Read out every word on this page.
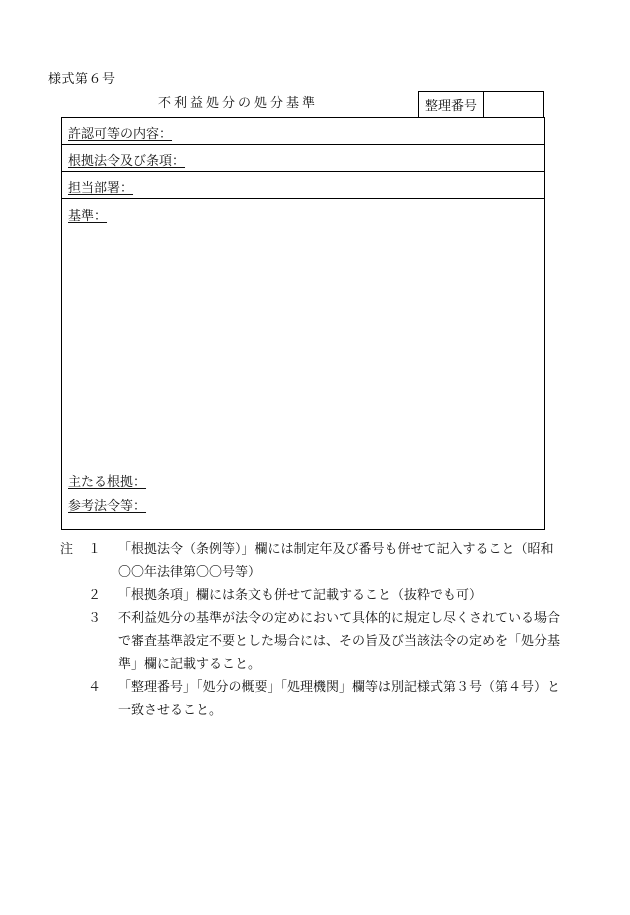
様式第６号
不利益処分の処分基準	整理番号
許認可等の内容：
根拠法令及び条項：
担当部署：
基準：
主たる根拠：
参考法令等：
注 １ 「根拠法令（条例等）」欄には制定年及び番号も併せて記入すること（昭和〇〇年法律第〇〇号等）
２ 「根拠条項」欄には条文も併せて記載すること（抜粋でも可）
３ 不利益処分の基準が法令の定めにおいて具体的に規定し尽くされている場合で審査基準設定不要とした場合には、その旨及び当該法令の定めを「処分基準」欄に記載すること。
４ 「整理番号」「処分の概要」「処理機関」欄等は別記様式第３号（第４号）と一致させること。
